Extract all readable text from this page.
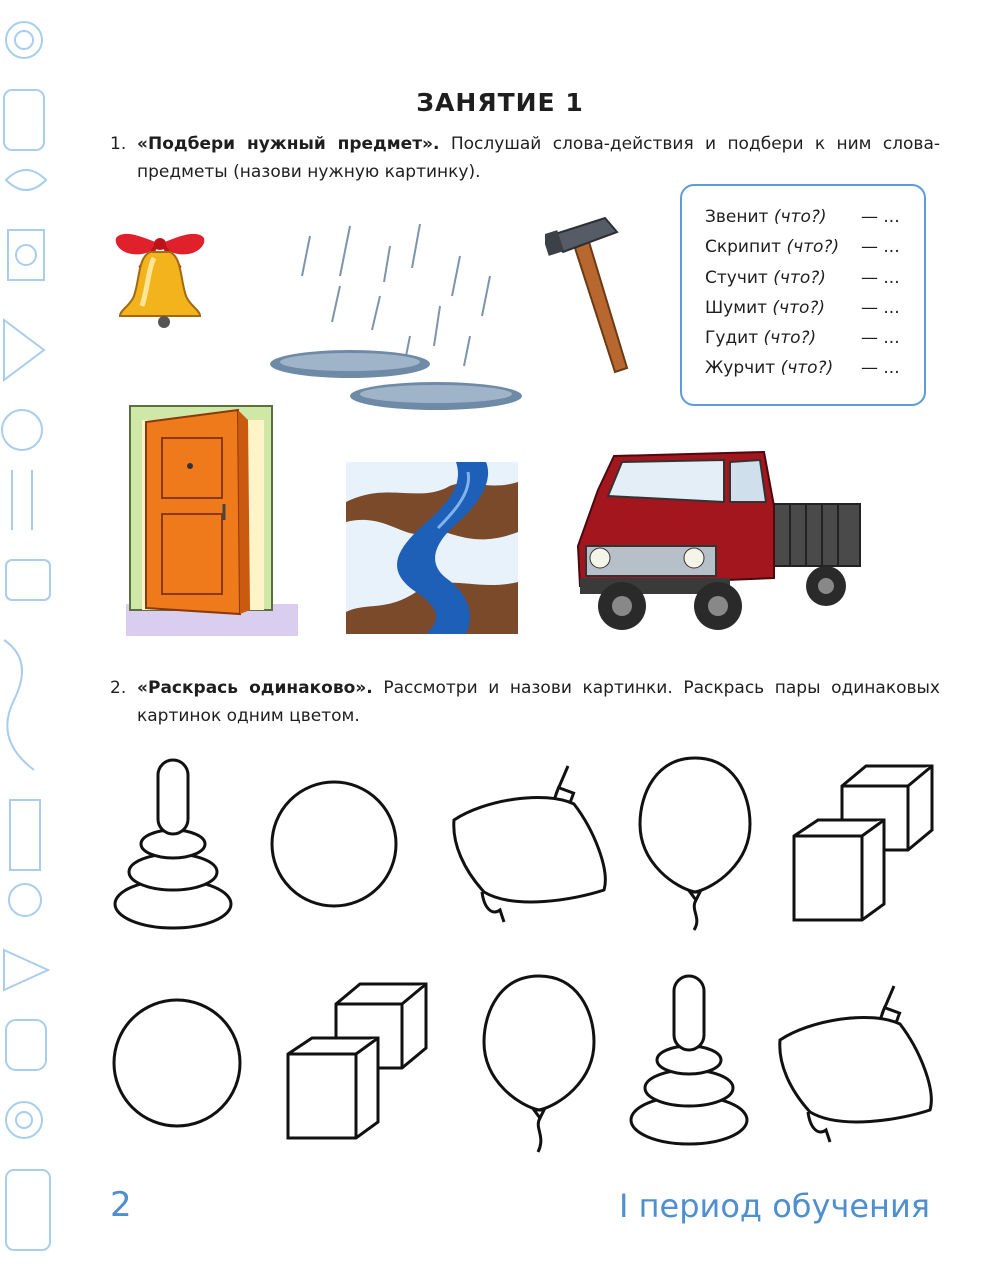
ЗАНЯТИЕ 1
1. «Подбери нужный предмет». Послушай слова-действия и подбери к ним слова-предметы (назови нужную картинку).
Звенит (что?) — ...
Скрипит (что?) — ...
Стучит (что?) — ...
Шумит (что?) — ...
Гудит (что?)	— ...
Журчит (что?) — ...
2. «Раскрась одинаково». Рассмотри и назови картинки. Раскрась пары одинаковых картинок одним цветом.
2	I период обучения
